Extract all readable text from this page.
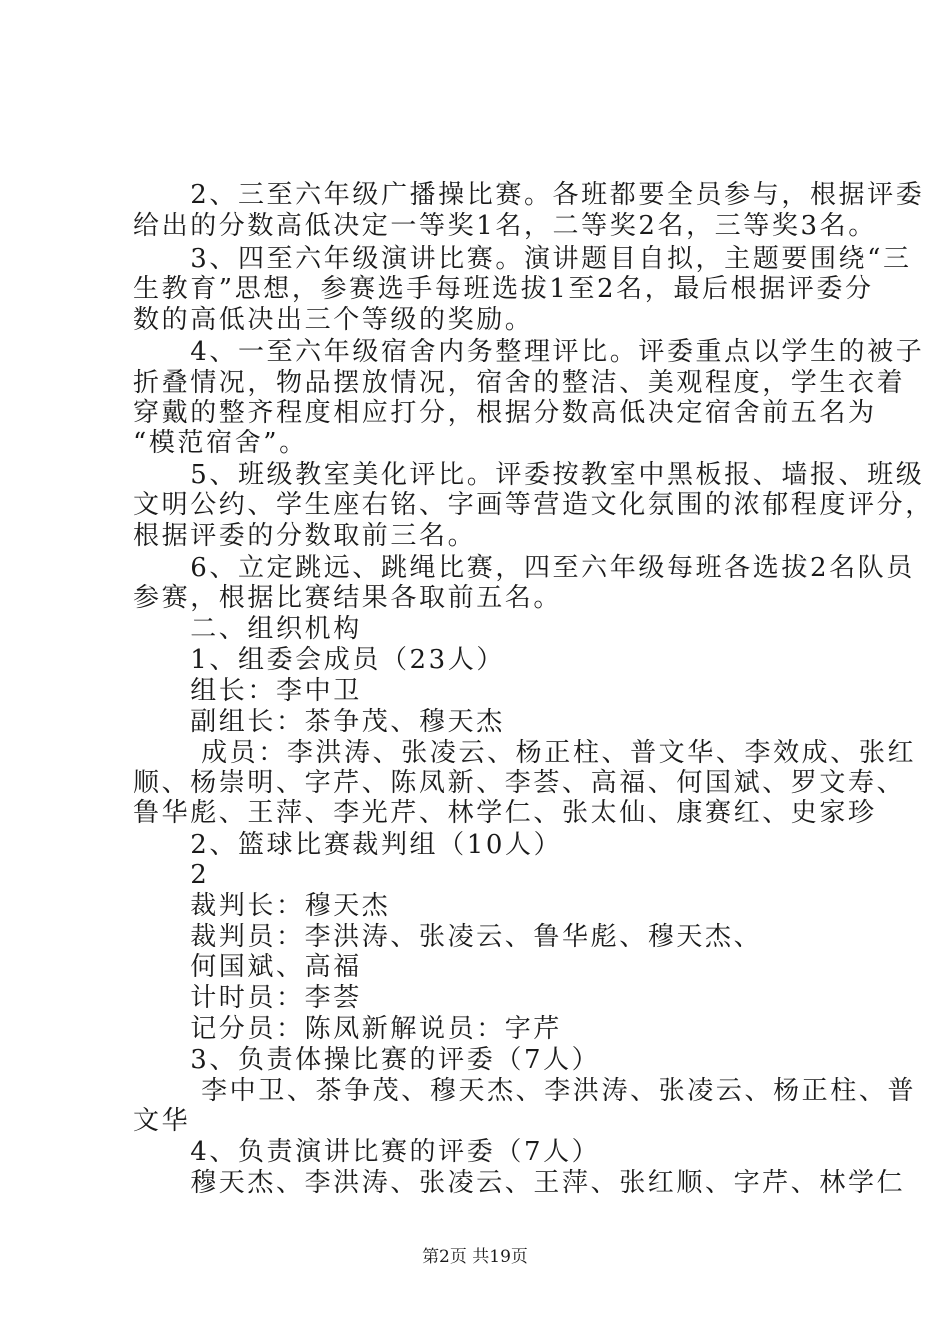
　　2、三至六年级广播操比赛。各班都要全员参与，根据评委
给出的分数高低决定一等奖1名，二等奖2名，三等奖3名。
　　3、四至六年级演讲比赛。演讲题目自拟，主题要围绕“三
生教育”思想，参赛选手每班选拔1至2名，最后根据评委分
数的高低决出三个等级的奖励。
　　4、一至六年级宿舍内务整理评比。评委重点以学生的被子
折叠情况，物品摆放情况，宿舍的整洁、美观程度，学生衣着
穿戴的整齐程度相应打分，根据分数高低决定宿舍前五名为
“模范宿舍”。
　　5、班级教室美化评比。评委按教室中黑板报、墙报、班级
文明公约、学生座右铭、字画等营造文化氛围的浓郁程度评分，
根据评委的分数取前三名。
　　6、立定跳远、跳绳比赛，四至六年级每班各选拔2名队员
参赛，根据比赛结果各取前五名。
　　二、组织机构
　　1、组委会成员（23人）
　　组长：李中卫
　　副组长：茶争茂、穆天杰
　　 成员：李洪涛、张凌云、杨正柱、普文华、李效成、张红
顺、杨崇明、字芹、陈凤新、李荟、高福、何国斌、罗文寿、
鲁华彪、王萍、李光芹、林学仁、张太仙、康赛红、史家珍
　　2、篮球比赛裁判组（10人）
　　2
　　裁判长：穆天杰
　　裁判员：李洪涛、张凌云、鲁华彪、穆天杰、
　　何国斌、高福
　　计时员：李荟
　　记分员：陈凤新解说员：字芹
　　3、负责体操比赛的评委（7人）
　　 李中卫、茶争茂、穆天杰、李洪涛、张凌云、杨正柱、普
文华
　　4、负责演讲比赛的评委（7人）
　　穆天杰、李洪涛、张凌云、王萍、张红顺、字芹、林学仁
第2页 共19页
